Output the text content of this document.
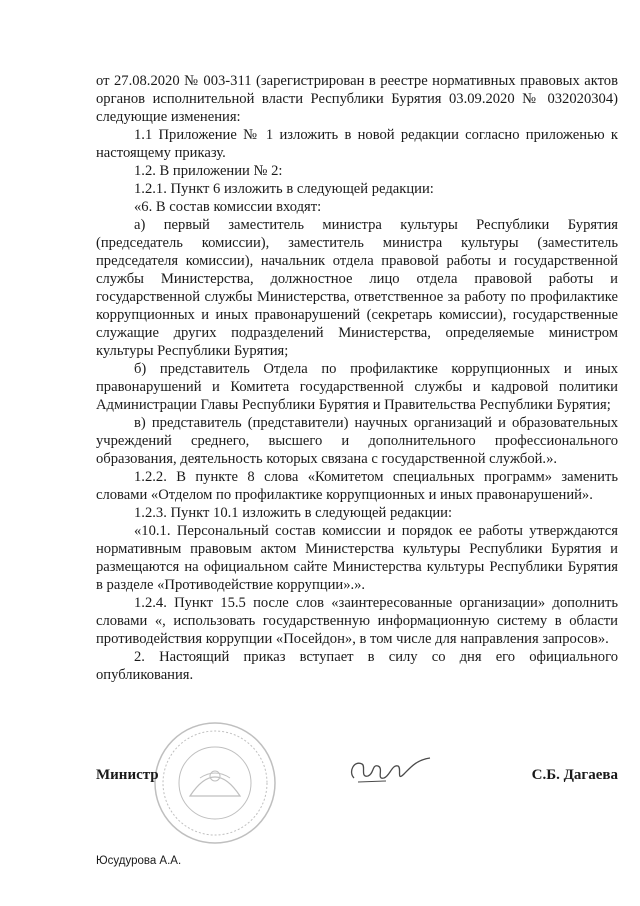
от 27.08.2020 № 003-311 (зарегистрирован в реестре нормативных правовых актов органов исполнительной власти Республики Бурятия 03.09.2020 № 032020304) следующие изменения:

1.1 Приложение № 1 изложить в новой редакции согласно приложенью к настоящему приказу.

1.2. В приложении № 2:

1.2.1. Пункт 6 изложить в следующей редакции:

«6. В состав комиссии входят:

а) первый заместитель министра культуры Республики Бурятия (председатель комиссии), заместитель министра культуры (заместитель председателя комиссии), начальник отдела правовой работы и государственной службы Министерства, должностное лицо отдела правовой работы и государственной службы Министерства, ответственное за работу по профилактике коррупционных и иных правонарушений (секретарь комиссии), государственные служащие других подразделений Министерства, определяемые министром культуры Республики Бурятия;

б) представитель Отдела по профилактике коррупционных и иных правонарушений и Комитета государственной службы и кадровой политики Администрации Главы Республики Бурятия и Правительства Республики Бурятия;

в) представитель (представители) научных организаций и образовательных учреждений среднего, высшего и дополнительного профессионального образования, деятельность которых связана с государственной службой.».

1.2.2. В пункте 8 слова «Комитетом специальных программ» заменить словами «Отделом по профилактике коррупционных и иных правонарушений».

1.2.3. Пункт 10.1 изложить в следующей редакции:

«10.1. Персональный состав комиссии и порядок ее работы утверждаются нормативным правовым актом Министерства культуры Республики Бурятия и размещаются на официальном сайте Министерства культуры Республики Бурятия в разделе «Противодействие коррупции».».

1.2.4. Пункт 15.5 после слов «заинтересованные организации» дополнить словами «, использовать государственную информационную систему в области противодействия коррупции «Посейдон», в том числе для направления запросов».

2. Настоящий приказ вступает в силу со дня его официального опубликования.

Министр	С.Б. Дагаева
Юсудурова А.А.
